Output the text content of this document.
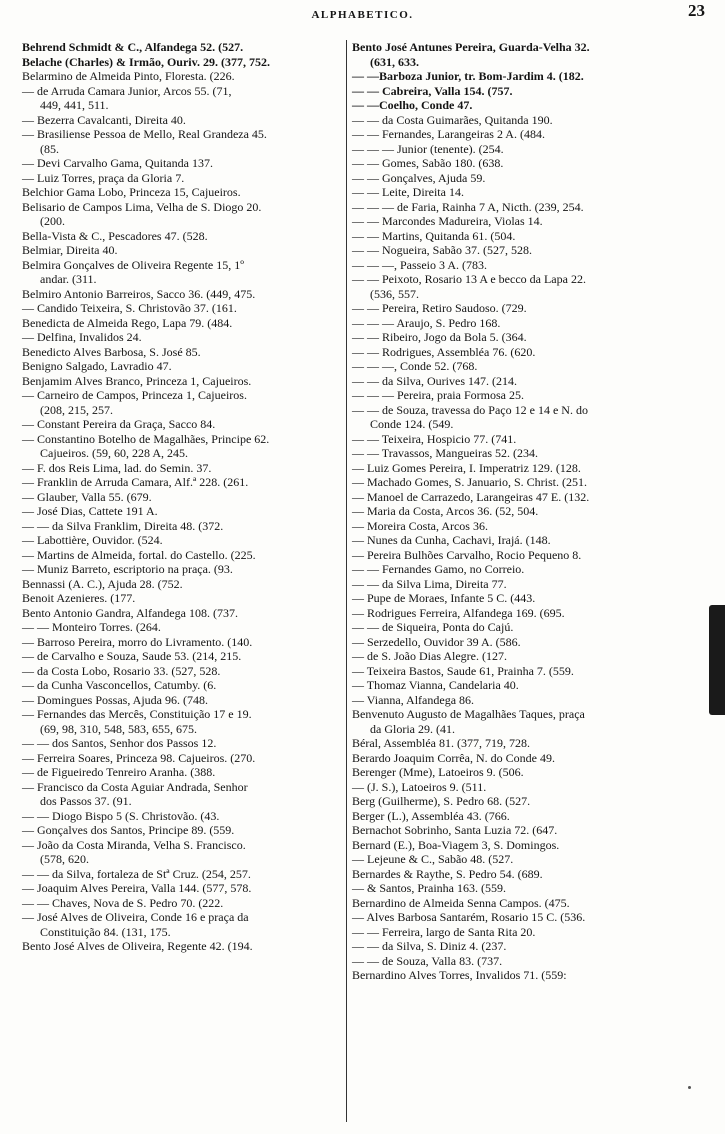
ALPHABETICO.	23
Behrend Schmidt & C., Alfandega 52. (527.
Belache (Charles) & Irmão, Ouriv. 29. (377, 752.
Belarmino de Almeida Pinto, Floresta. (226.
— de Arruda Camara Junior, Arcos 55. (71,
449, 441, 511.
— Bezerra Cavalcanti, Direita 40.
— Brasiliense Pessoa de Mello, Real Grandeza 45.
(85.
— Devi Carvalho Gama, Quitanda 137.
— Luiz Torres, praça da Gloria 7.
Belchior Gama Lobo, Princeza 15, Cajueiros.
Belisario de Campos Lima, Velha de S. Diogo 20.
(200.
Bella-Vista & C., Pescadores 47. (528.
Belmiar, Direita 40.
Belmira Gonçalves de Oliveira Regente 15, 1º
andar. (311.
Belmiro Antonio Barreiros, Sacco 36. (449, 475.
— Candido Teixeira, S. Christovão 37. (161.
Benedicta de Almeida Rego, Lapa 79. (484.
— Delfina, Invalidos 24.
Benedicto Alves Barbosa, S. José 85.
Benigno Salgado, Lavradio 47.
Benjamim Alves Branco, Princeza 1, Cajueiros.
— Carneiro de Campos, Princeza 1, Cajueiros.
(208, 215, 257.
— Constant Pereira da Graça, Sacco 84.
— Constantino Botelho de Magalhães, Principe 62.
Cajueiros. (59, 60, 228 A, 245.
— F. dos Reis Lima, lad. do Semin. 37.
— Franklin de Arruda Camara, Alf.ª 228. (261.
— Glauber, Valla 55. (679.
— José Dias, Cattete 191 A.
— — da Silva Franklim, Direita 48. (372.
— Labottière, Ouvidor. (524.
— Martins de Almeida, fortal. do Castello. (225.
— Muniz Barreto, escriptorio na praça. (93.
Bennassi (A. C.), Ajuda 28. (752.
Benoit Azenieres. (177.
Bento Antonio Gandra, Alfandega 108. (737.
— — Monteiro Torres. (264.
— Barroso Pereira, morro do Livramento. (140.
— de Carvalho e Souza, Saude 53. (214, 215.
— da Costa Lobo, Rosario 33. (527, 528.
— da Cunha Vasconcellos, Catumby. (6.
— Domingues Possas, Ajuda 96. (748.
— Fernandes das Mercês, Constituição 17 e 19.
(69, 98, 310, 548, 583, 655, 675.
— — dos Santos, Senhor dos Passos 12.
— Ferreira Soares, Princeza 98. Cajueiros. (270.
— de Figueiredo Tenreiro Aranha. (388.
— Francisco da Costa Aguiar Andrada, Senhor
dos Passos 37. (91.
— — Diogo Bispo 5 (S. Christovão. (43.
— Gonçalves dos Santos, Principe 89. (559.
— João da Costa Miranda, Velha S. Francisco.
(578, 620.
— — da Silva, fortaleza de Stª Cruz. (254, 257.
— Joaquim Alves Pereira, Valla 144. (577, 578.
— — Chaves, Nova de S. Pedro 70. (222.
— José Alves de Oliveira, Conde 16 e praça da
Constituição 84. (131, 175.
Bento José Alves de Oliveira, Regente 42. (194.
Bento José Antunes Pereira, Guarda-Velha 32.
(631, 633.
— —Barboza Junior, tr. Bom-Jardim 4. (182.
— — Cabreira, Valla 154. (757.
— —Coelho, Conde 47.
— — da Costa Guimarães, Quitanda 190.
— — Fernandes, Larangeiras 2 A. (484.
— — — Junior (tenente). (254.
— — Gomes, Sabão 180. (638.
— — Gonçalves, Ajuda 59.
— — Leite, Direita 14.
— — — de Faria, Rainha 7 A, Nicth. (239, 254.
— — Marcondes Madureira, Violas 14.
— — Martins, Quitanda 61. (504.
— — Nogueira, Sabão 37. (527, 528.
— — —, Passeio 3 A. (783.
— — Peixoto, Rosario 13 A e becco da Lapa 22.
(536, 557.
— — Pereira, Retiro Saudoso. (729.
— — — Araujo, S. Pedro 168.
— — Ribeiro, Jogo da Bola 5. (364.
— — Rodrigues, Assembléa 76. (620.
— — —, Conde 52. (768.
— — da Silva, Ourives 147. (214.
— — — Pereira, praia Formosa 25.
— — de Souza, travessa do Paço 12 e 14 e N. do
Conde 124. (549.
— — Teixeira, Hospicio 77. (741.
— — Travassos, Mangueiras 52. (234.
— Luiz Gomes Pereira, I. Imperatriz 129. (128.
— Machado Gomes, S. Januario, S. Christ. (251.
— Manoel de Carrazedo, Larangeiras 47 E. (132.
— Maria da Costa, Arcos 36. (52, 504.
— Moreira Costa, Arcos 36.
— Nunes da Cunha, Cachavi, Irajá. (148.
— Pereira Bulhões Carvalho, Rocio Pequeno 8.
— — Fernandes Gamo, no Correio.
— — da Silva Lima, Direita 77.
— Pupe de Moraes, Infante 5 C. (443.
— Rodrigues Ferreira, Alfandega 169. (695.
— — de Siqueira, Ponta do Cajú.
— Serzedello, Ouvidor 39 A. (586.
— de S. João Dias Alegre. (127.
— Teixeira Bastos, Saude 61, Prainha 7. (559.
— Thomaz Vianna, Candelaria 40.
— Vianna, Alfandega 86.
Benvenuto Augusto de Magalhães Taques, praça
da Gloria 29. (41.
Béral, Assembléa 81. (377, 719, 728.
Berardo Joaquim Corrêa, N. do Conde 49.
Berenger (Mme), Latoeiros 9. (506.
— (J. S.), Latoeiros 9. (511.
Berg (Guilherme), S. Pedro 68. (527.
Berger (L.), Assembléa 43. (766.
Bernachot Sobrinho, Santa Luzia 72. (647.
Bernard (E.), Boa-Viagem 3, S. Domingos.
— Lejeune & C., Sabão 48. (527.
Bernardes & Raythe, S. Pedro 54. (689.
— & Santos, Prainha 163. (559.
Bernardino de Almeida Senna Campos. (475.
— Alves Barbosa Santarém, Rosario 15 C. (536.
— — Ferreira, largo de Santa Rita 20.
— — da Silva, S. Diniz 4. (237.
— — de Souza, Valla 83. (737.
Bernardino Alves Torres, Invalidos 71. (559:
